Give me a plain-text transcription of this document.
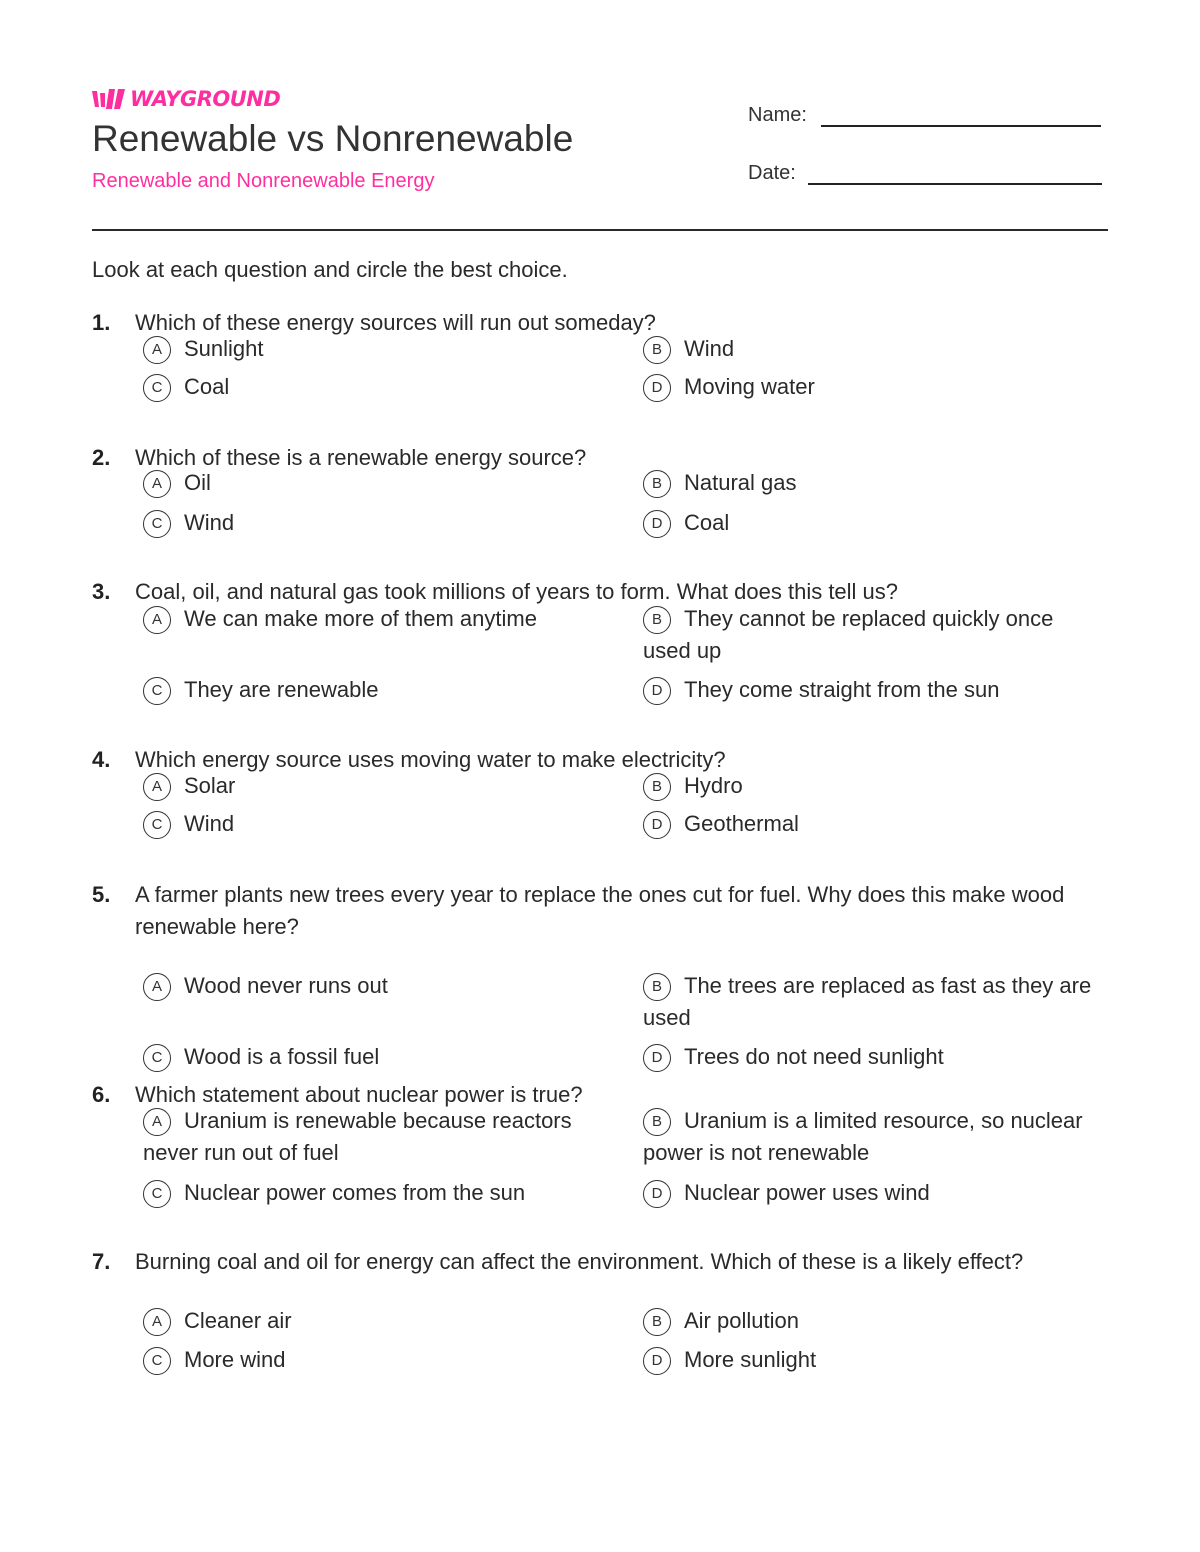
WAYGROUND
Renewable vs Nonrenewable
Renewable and Nonrenewable Energy
Name:
Date:
Look at each question and circle the best choice.
1.	Which of these energy sources will run out someday?
A Sunlight	B Wind
C Coal	D Moving water
2.	Which of these is a renewable energy source?
A Oil	B Natural gas
C Wind	D Coal
3.	Coal, oil, and natural gas took millions of years to form. What does this tell us?
A We can make more of them anytime	B They cannot be replaced quickly once used up
C They are renewable	D They come straight from the sun
4.	Which energy source uses moving water to make electricity?
A Solar	B Hydro
C Wind	D Geothermal
5.	A farmer plants new trees every year to replace the ones cut for fuel. Why does this make wood renewable here?
A Wood never runs out	B The trees are replaced as fast as they are used
C Wood is a fossil fuel	D Trees do not need sunlight
6.	Which statement about nuclear power is true?
A Uranium is renewable because reactors never run out of fuel
B Uranium is a limited resource, so nuclear power is not renewable
C Nuclear power comes from the sun	D Nuclear power uses wind
7.	Burning coal and oil for energy can affect the environment. Which of these is a likely effect?
A Cleaner air	B Air pollution
C More wind	D More sunlight
